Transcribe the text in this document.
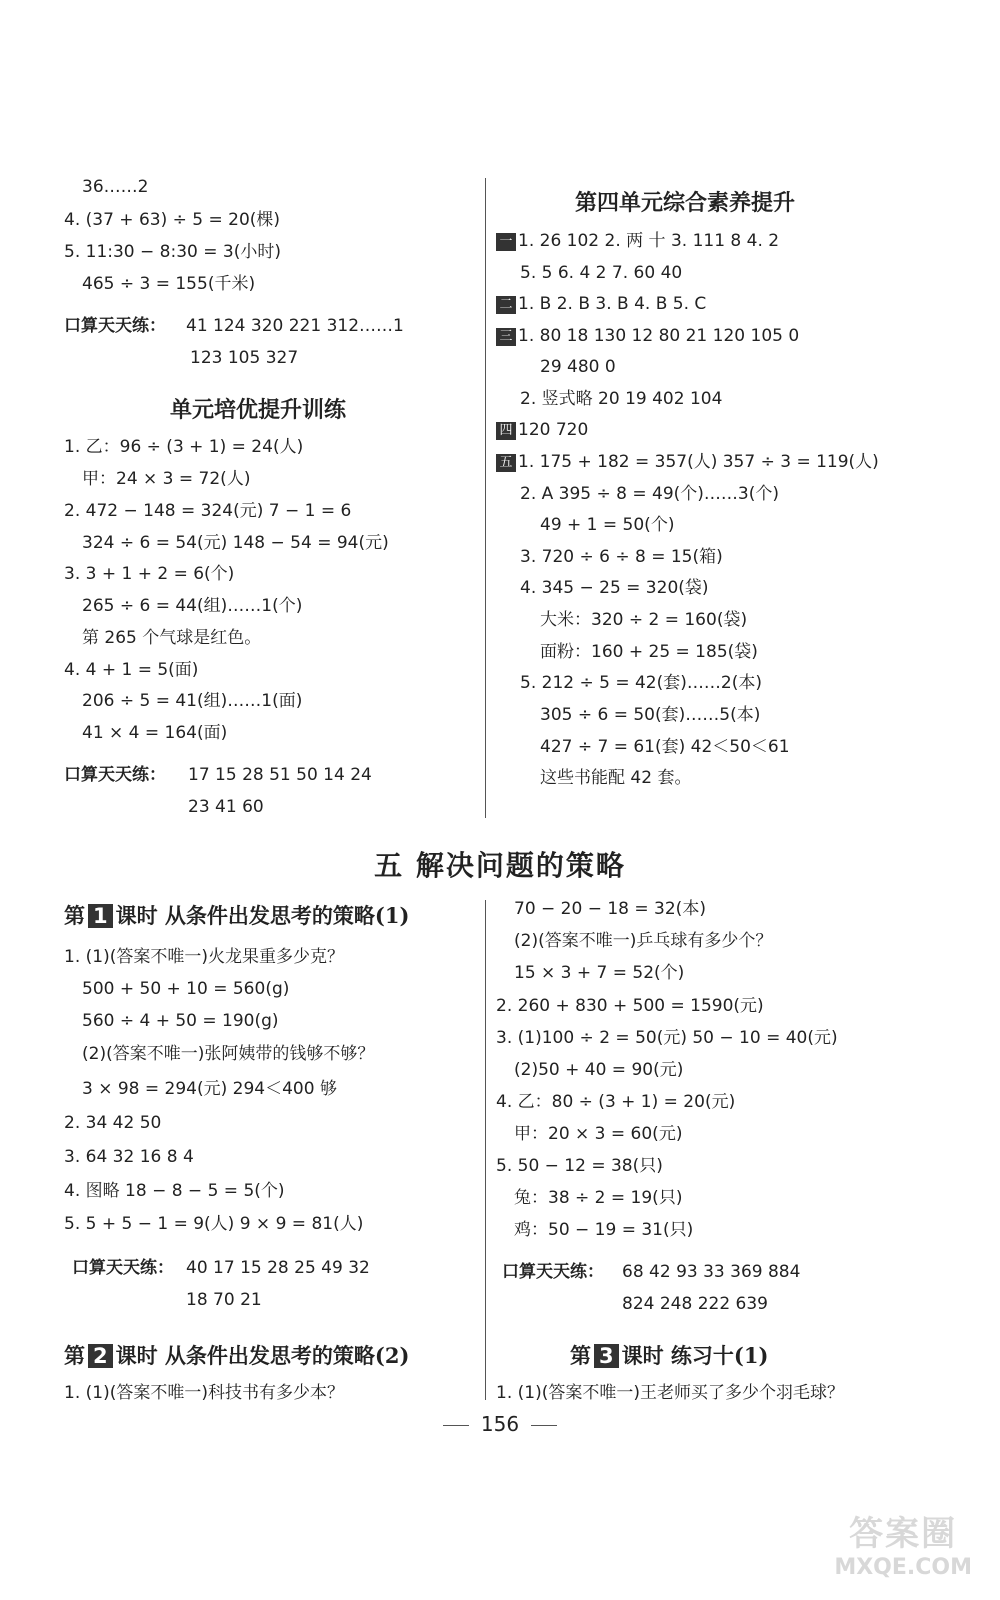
36……2
4. (37 + 63) ÷ 5 = 20(棵)
5. 11:30 − 8:30 = 3(小时)
465 ÷ 3 = 155(千米)
口算天天练： 41 124 320 221 312……1
123 105 327
单元培优提升训练
1. 乙：96 ÷ (3 + 1) = 24(人)
甲：24 × 3 = 72(人)
2. 472 − 148 = 324(元) 7 − 1 = 6
324 ÷ 6 = 54(元) 148 − 54 = 94(元)
3. 3 + 1 + 2 = 6(个)
265 ÷ 6 = 44(组)……1(个)
第 265 个气球是红色。
4. 4 + 1 = 5(面)
206 ÷ 5 = 41(组)……1(面)
41 × 4 = 164(面)
口算天天练： 17 15 28 51 50 14 24
23 41 60
第四单元综合素养提升
一 1. 26 102 2. 两 十 3. 111 8 4. 2
5. 5 6. 4 2 7. 60 40
二 1. B 2. B 3. B 4. B 5. C
三 1. 80 18 130 12 80 21 120 105 0
29 480 0
2. 竖式略 20 19 402 104
四 120 720
五 1. 175 + 182 = 357(人) 357 ÷ 3 = 119(人)
2. A 395 ÷ 8 = 49(个)……3(个)
49 + 1 = 50(个)
3. 720 ÷ 6 ÷ 8 = 15(箱)
4. 345 − 25 = 320(袋)
大米：320 ÷ 2 = 160(袋)
面粉：160 + 25 = 185(袋)
5. 212 ÷ 5 = 42(套)……2(本)
305 ÷ 6 = 50(套)……5(本)
427 ÷ 7 = 61(套) 42＜50＜61
这些书能配 42 套。
五 解决问题的策略
第 1 课时 从条件出发思考的策略(1)
1. (1)(答案不唯一)火龙果重多少克？
500 + 50 + 10 = 560(g)
560 ÷ 4 + 50 = 190(g)
(2)(答案不唯一)张阿姨带的钱够不够？
3 × 98 = 294(元) 294＜400 够
2. 34 42 50
3. 64 32 16 8 4
4. 图略 18 − 8 − 5 = 5(个)
5. 5 + 5 − 1 = 9(人) 9 × 9 = 81(人)
口算天天练： 40 17 15 28 25 49 32
18 70 21
第 2 课时 从条件出发思考的策略(2)
1. (1)(答案不唯一)科技书有多少本？
70 − 20 − 18 = 32(本)
(2)(答案不唯一)乒乓球有多少个？
15 × 3 + 7 = 52(个)
2. 260 + 830 + 500 = 1590(元)
3. (1)100 ÷ 2 = 50(元) 50 − 10 = 40(元)
(2)50 + 40 = 90(元)
4. 乙：80 ÷ (3 + 1) = 20(元)
甲：20 × 3 = 60(元)
5. 50 − 12 = 38(只)
兔：38 ÷ 2 = 19(只)
鸡：50 − 19 = 31(只)
口算天天练： 68 42 93 33 369 884
824 248 222 639
第 3 课时 练习十(1)
1. (1)(答案不唯一)王老师买了多少个羽毛球？
156
答案圈
MXQE.COM
